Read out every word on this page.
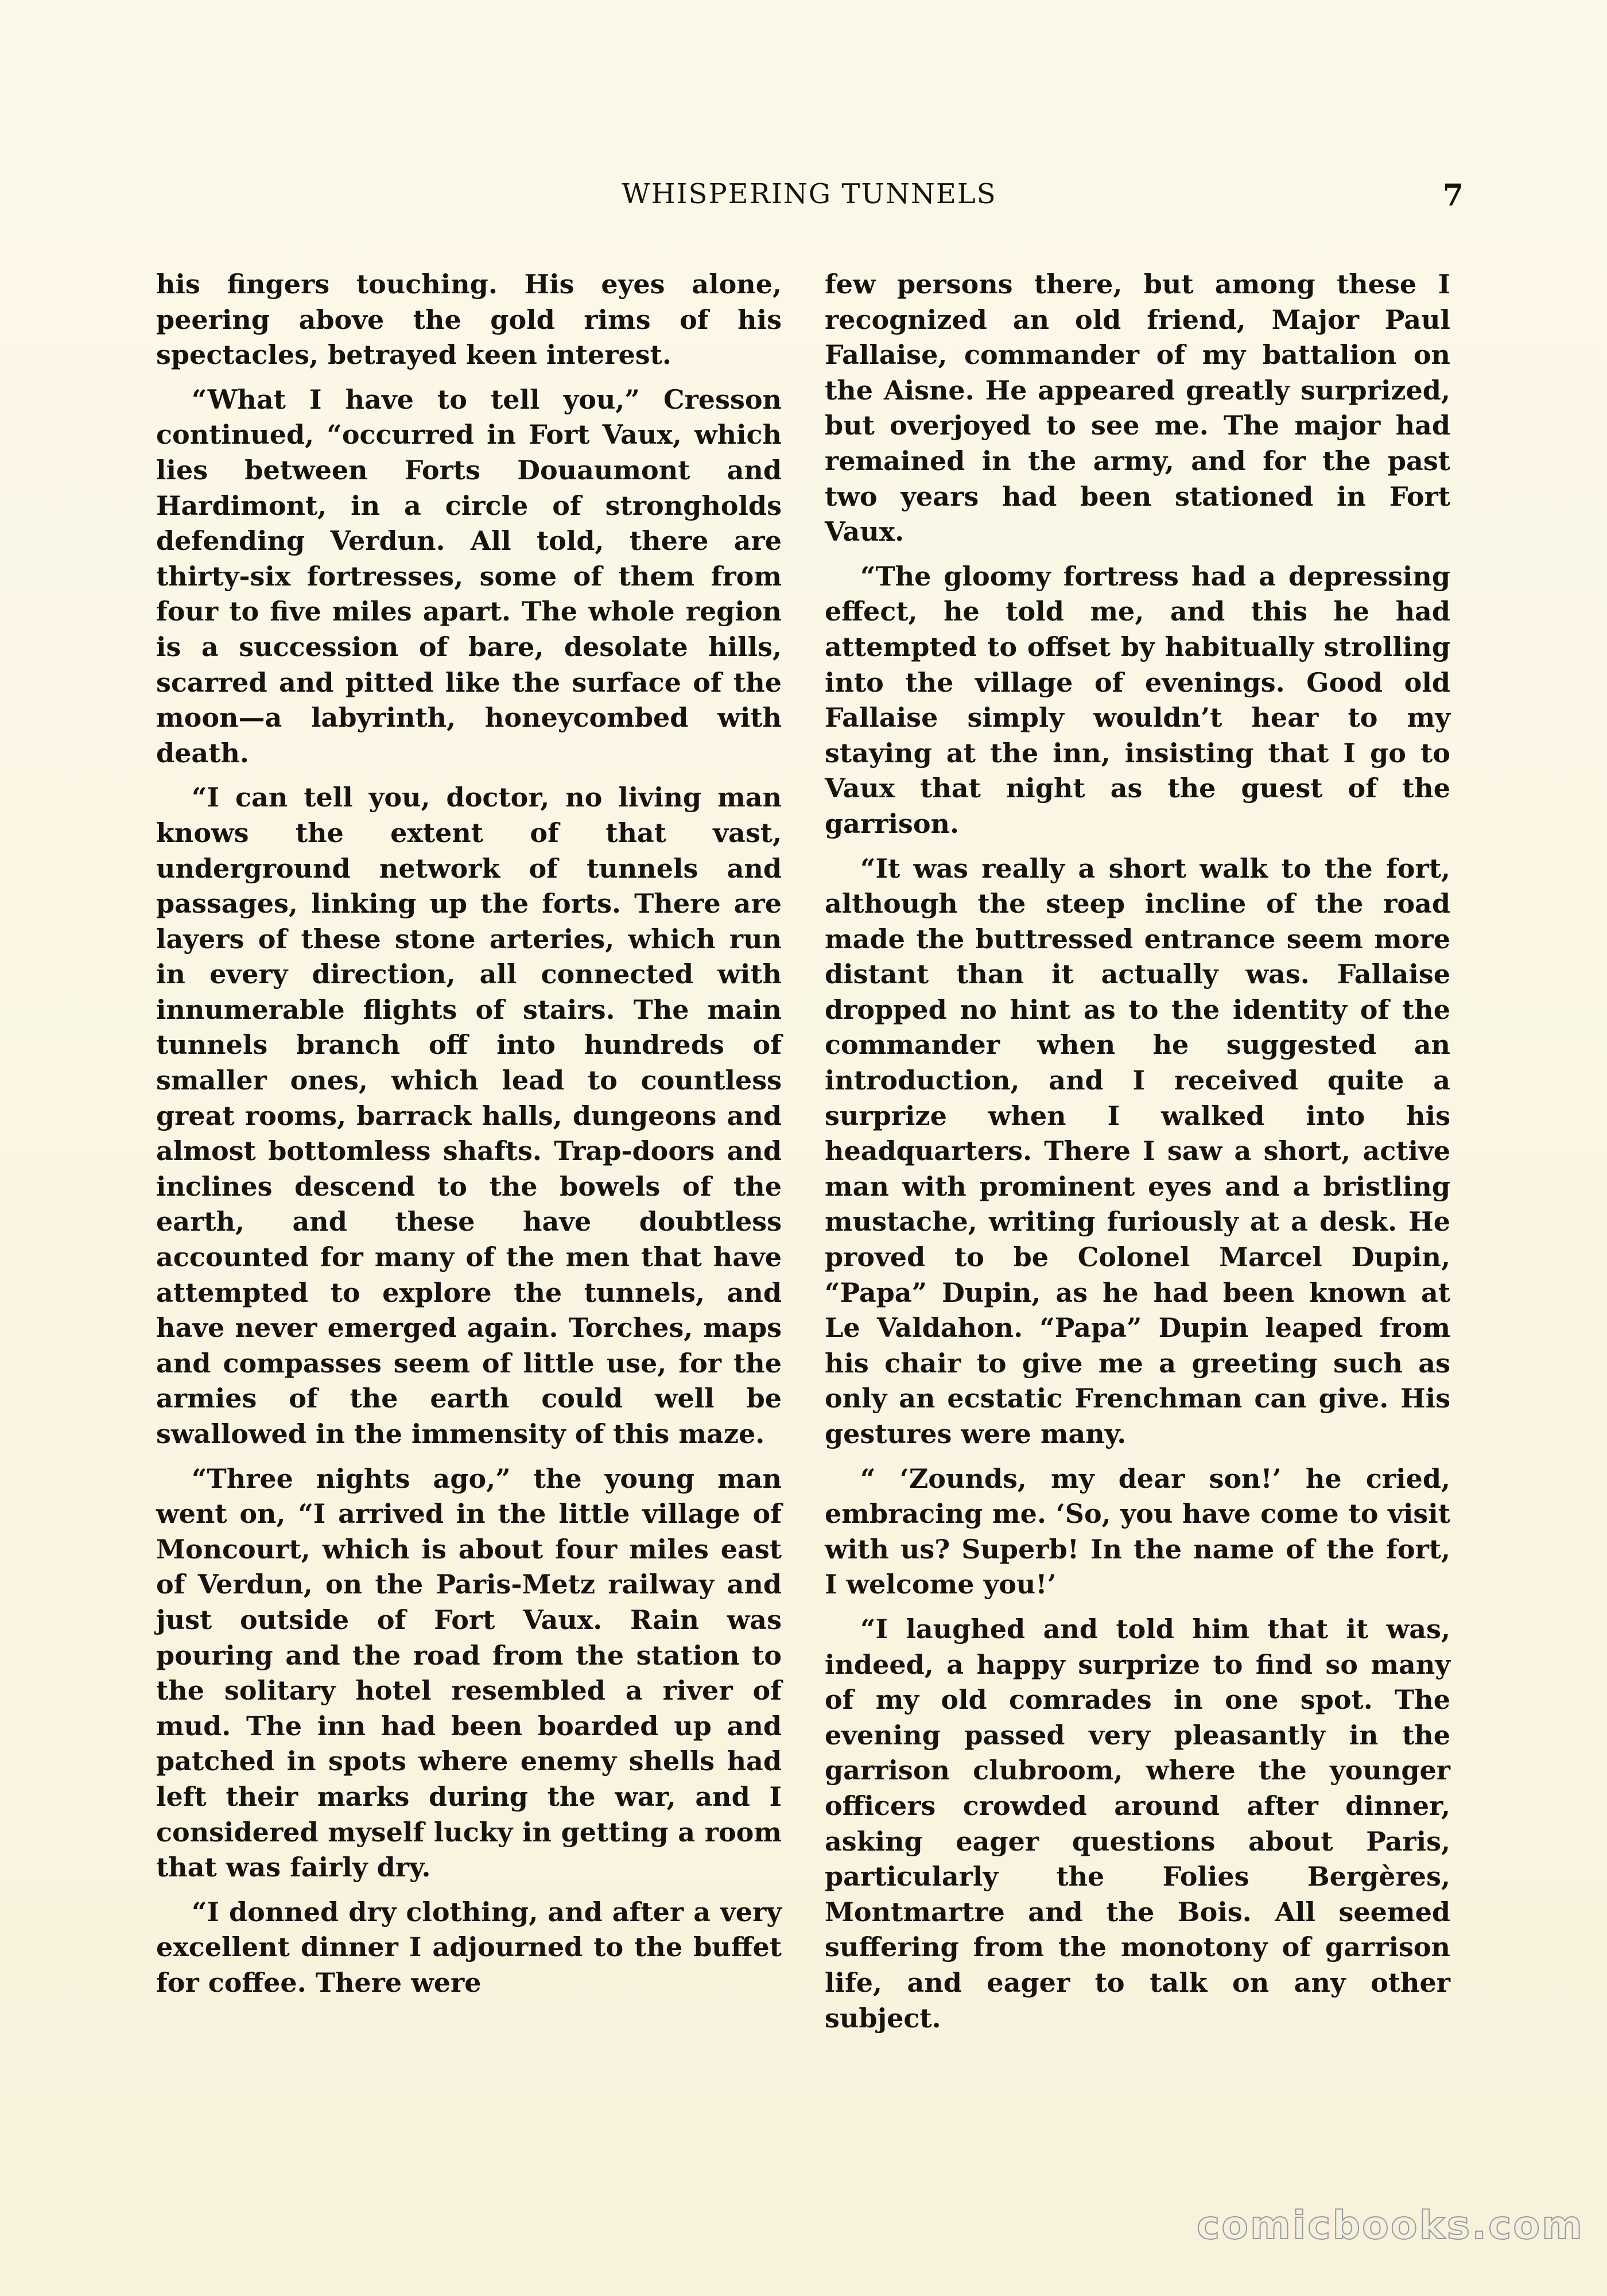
WHISPERING TUNNELS	7

his fingers touching. His eyes alone, peering above the gold rims of his spectacles, betrayed keen interest.

“What I have to tell you,” Cresson continued, “occurred in Fort Vaux, which lies between Forts Douaumont and Hardimont, in a circle of strongholds defending Verdun. All told, there are thirty-six fortresses, some of them from four to five miles apart. The whole region is a succession of bare, desolate hills, scarred and pitted like the surface of the moon—a labyrinth, honeycombed with death.

“I can tell you, doctor, no living man knows the extent of that vast, underground network of tunnels and passages, linking up the forts. There are layers of these stone arteries, which run in every direction, all connected with innumerable flights of stairs. The main tunnels branch off into hundreds of smaller ones, which lead to countless great rooms, barrack halls, dungeons and almost bottomless shafts. Trap-doors and inclines descend to the bowels of the earth, and these have doubtless accounted for many of the men that have attempted to explore the tunnels, and have never emerged again. Torches, maps and compasses seem of little use, for the armies of the earth could well be swallowed in the immensity of this maze.

“Three nights ago,” the young man went on, “I arrived in the little village of Moncourt, which is about four miles east of Verdun, on the Paris-Metz railway and just outside of Fort Vaux. Rain was pouring and the road from the station to the solitary hotel resembled a river of mud. The inn had been boarded up and patched in spots where enemy shells had left their marks during the war, and I considered myself lucky in getting a room that was fairly dry.

“I donned dry clothing, and after a very excellent dinner I adjourned to the buffet for coffee. There were

few persons there, but among these I recognized an old friend, Major Paul Fallaise, commander of my battalion on the Aisne. He appeared greatly surprized, but overjoyed to see me. The major had remained in the army, and for the past two years had been stationed in Fort Vaux.

“The gloomy fortress had a depressing effect, he told me, and this he had attempted to offset by habitually strolling into the village of evenings. Good old Fallaise simply wouldn’t hear to my staying at the inn, insisting that I go to Vaux that night as the guest of the garrison.

“It was really a short walk to the fort, although the steep incline of the road made the buttressed entrance seem more distant than it actually was. Fallaise dropped no hint as to the identity of the commander when he suggested an introduction, and I received quite a surprize when I walked into his headquarters. There I saw a short, active man with prominent eyes and a bristling mustache, writing furiously at a desk. He proved to be Colonel Marcel Dupin, “Papa” Dupin, as he had been known at Le Valdahon. “Papa” Dupin leaped from his chair to give me a greeting such as only an ecstatic Frenchman can give. His gestures were many.

“ ‘Zounds, my dear son!’ he cried, embracing me. ‘So, you have come to visit with us? Superb! In the name of the fort, I welcome you!’

“I laughed and told him that it was, indeed, a happy surprize to find so many of my old comrades in one spot. The evening passed very pleasantly in the garrison clubroom, where the younger officers crowded around after dinner, asking eager questions about Paris, particularly the Folies Bergères, Montmartre and the Bois. All seemed suffering from the monotony of garrison life, and eager to talk on any other subject.

comicbooks.com
